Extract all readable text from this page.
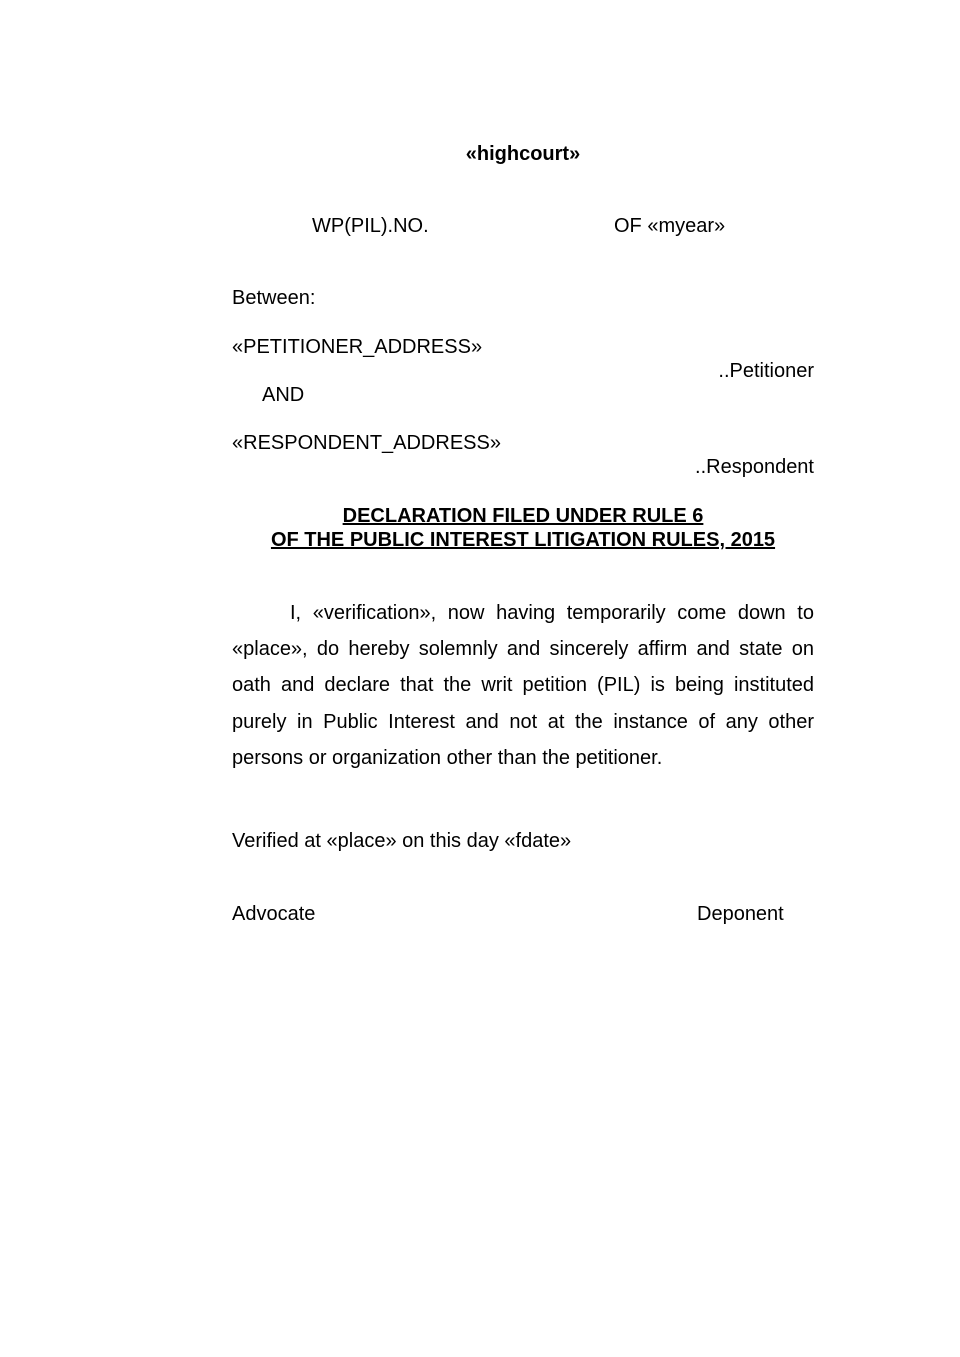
«highcourt»
WP(PIL).NO.	OF «myear»
Between:
«PETITIONER_ADDRESS»
..Petitioner
AND
«RESPONDENT_ADDRESS»
..Respondent
DECLARATION FILED UNDER RULE 6
OF THE PUBLIC INTEREST LITIGATION RULES, 2015

I, «verification», now having temporarily come down to «place», do hereby solemnly and sincerely affirm and state on oath and declare that the writ petition (PIL) is being instituted purely in Public Interest and not at the instance of any other persons or organization other than the petitioner.

Verified at «place» on this day «fdate»
Advocate	Deponent
